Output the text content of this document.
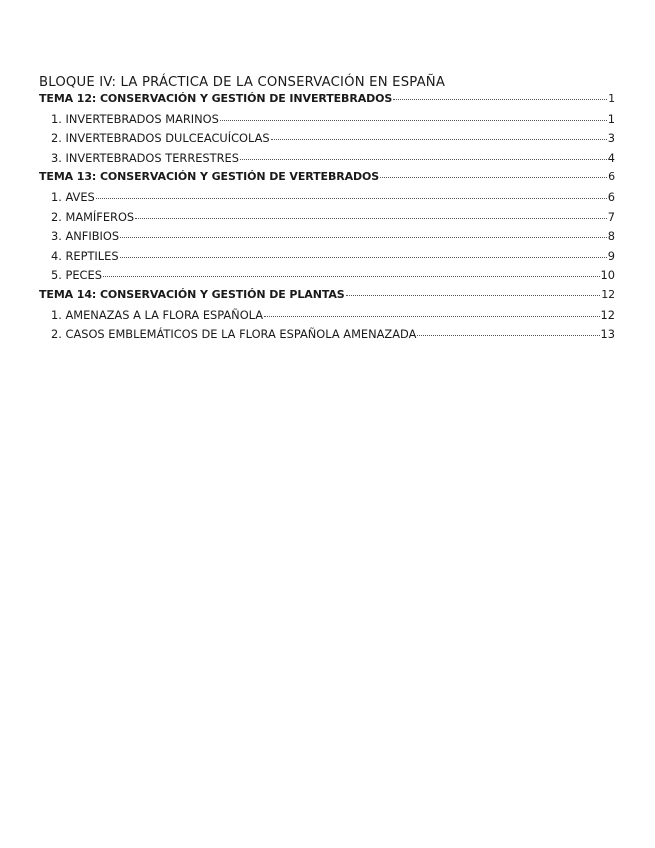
BLOQUE IV: LA PRÁCTICA DE LA CONSERVACIÓN EN ESPAÑA
TEMA 12: CONSERVACIÓN Y GESTIÓN DE INVERTEBRADOS	1
1. INVERTEBRADOS MARINOS	1
2. INVERTEBRADOS DULCEACUÍCOLAS	3
3. INVERTEBRADOS TERRESTRES	4
TEMA 13: CONSERVACIÓN Y GESTIÓN DE VERTEBRADOS	6
1. AVES	6
2. MAMÍFEROS	7
3. ANFIBIOS	8
4. REPTILES	9
5. PECES	10
TEMA 14: CONSERVACIÓN Y GESTIÓN DE PLANTAS	12
1. AMENAZAS A LA FLORA ESPAÑOLA	12
2. CASOS EMBLEMÁTICOS DE LA FLORA ESPAÑOLA AMENAZADA	13
